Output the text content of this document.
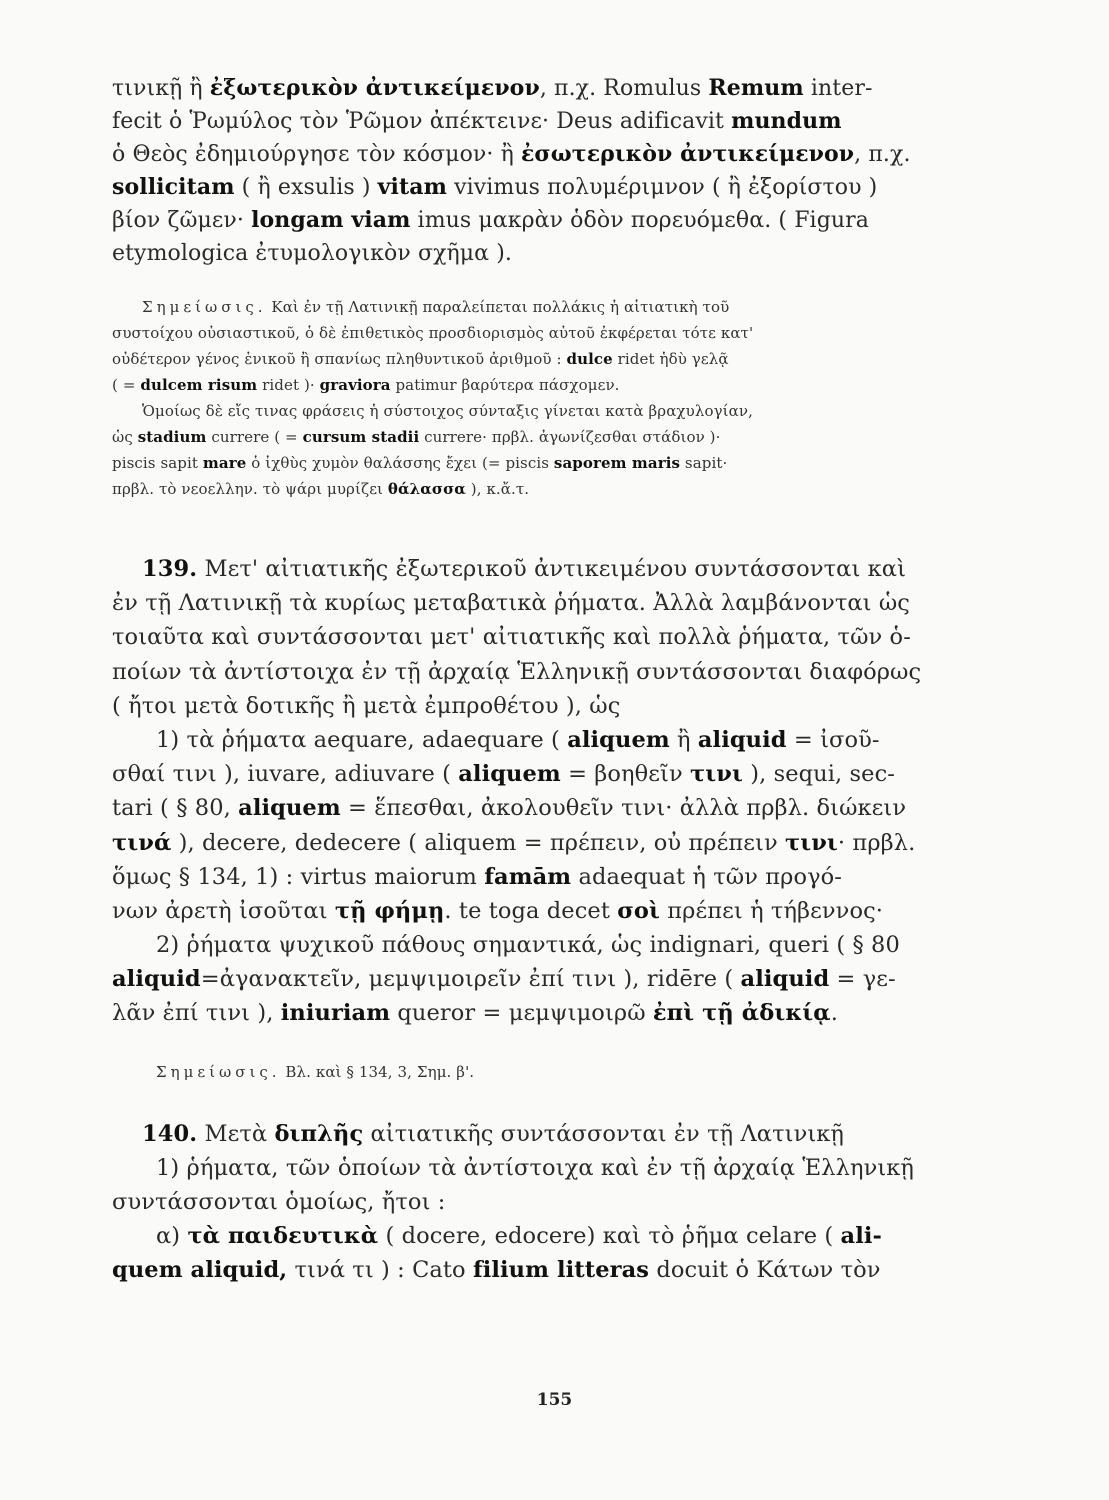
τινικῇ ἢ ἐξωτερικὸν ἀντικείμενον, π.χ. Romulus Remum inter-
fecit ὁ Ῥωμύλος τὸν Ῥῶμον ἀπέκτεινε· Deus adificavit mundum
ὁ Θεὸς ἐδημιούργησε τὸν κόσμον· ἢ ἐσωτερικὸν ἀντικείμενον, π.χ.
sollicitam ( ἢ exsulis ) vitam vivimus πολυμέριμνον ( ἢ ἐξορίστου )
βίον ζῶμεν· longam viam imus μακρὰν ὁδὸν πορευόμεθα. ( Figura
etymologica ἐτυμολογικὸν σχῆμα ).
Σημείωσις. Καὶ ἐν τῇ Λατινικῇ παραλείπεται πολλάκις ἡ αἰτιατικὴ τοῦ
συστοίχου οὐσιαστικοῦ, ὁ δὲ ἐπιθετικὸς προσδιορισμὸς αὐτοῦ ἐκφέρεται τότε κατ'
οὐδέτερον γένος ἑνικοῦ ἢ σπανίως πληθυντικοῦ ἀριθμοῦ : dulce ridet ἡδὺ γελᾷ
( = dulcem risum ridet )· graviora patimur βαρύτερα πάσχομεν.
Ὁμοίως δὲ εἴς τινας φράσεις ἡ σύστοιχος σύνταξις γίνεται κατὰ βραχυλογίαν,
ὡς stadium currere ( = cursum stadii currere· πρβλ. ἀγωνίζεσθαι στάδιον )·
piscis sapit mare ὁ ἰχθὺς χυμὸν θαλάσσης ἔχει (= piscis saporem maris sapit·
πρβλ. τὸ νεοελλην. τὸ ψάρι μυρίζει θάλασσα ), κ.ἄ.τ.
139. Μετ' αἰτιατικῆς ἐξωτερικοῦ ἀντικειμένου συντάσσονται καὶ
ἐν τῇ Λατινικῇ τὰ κυρίως μεταβατικὰ ῥήματα. Ἀλλὰ λαμβάνονται ὡς
τοιαῦτα καὶ συντάσσονται μετ' αἰτιατικῆς καὶ πολλὰ ῥήματα, τῶν ὁ-
ποίων τὰ ἀντίστοιχα ἐν τῇ ἀρχαίᾳ Ἑλληνικῇ συντάσσονται διαφόρως
( ἤτοι μετὰ δοτικῆς ἢ μετὰ ἐμπροθέτου ), ὡς
1) τὰ ῥήματα aequare, adaequare ( aliquem ἢ aliquid = ἰσοῦ-
σθαί τινι ), iuvare, adiuvare ( aliquem = βοηθεῖν τινι ), sequi, sec-
tari ( § 80, aliquem = ἕπεσθαι, ἀκολουθεῖν τινι· ἀλλὰ πρβλ. διώκειν
τινά ), decere, dedecere ( aliquem = πρέπειν, οὐ πρέπειν τινι· πρβλ.
ὅμως § 134, 1) : virtus maiorum famām adaequat ἡ τῶν προγό-
νων ἀρετὴ ἰσοῦται τῇ φήμῃ. te toga decet σοὶ πρέπει ἡ τήβεννος·
2) ῥήματα ψυχικοῦ πάθους σημαντικά, ὡς indignari, queri ( § 80
aliquid=ἀγανακτεῖν, μεμψιμοιρεῖν ἐπί τινι ), ridēre ( aliquid = γε-
λᾶν ἐπί τινι ), iniuriam queror = μεμψιμοιρῶ ἐπὶ τῇ ἀδικίᾳ.
Σημείωσις. Βλ. καὶ § 134, 3, Σημ. β'.
140. Μετὰ διπλῆς αἰτιατικῆς συντάσσονται ἐν τῇ Λατινικῇ
1) ῥήματα, τῶν ὁποίων τὰ ἀντίστοιχα καὶ ἐν τῇ ἀρχαίᾳ Ἑλληνικῇ
συντάσσονται ὁμοίως, ἤτοι :
α) τὰ παιδευτικὰ ( docere, edocere) καὶ τὸ ῥῆμα celare ( ali-
quem aliquid, τινά τι ) : Cato filium litteras docuit ὁ Κάτων τὸν
155
